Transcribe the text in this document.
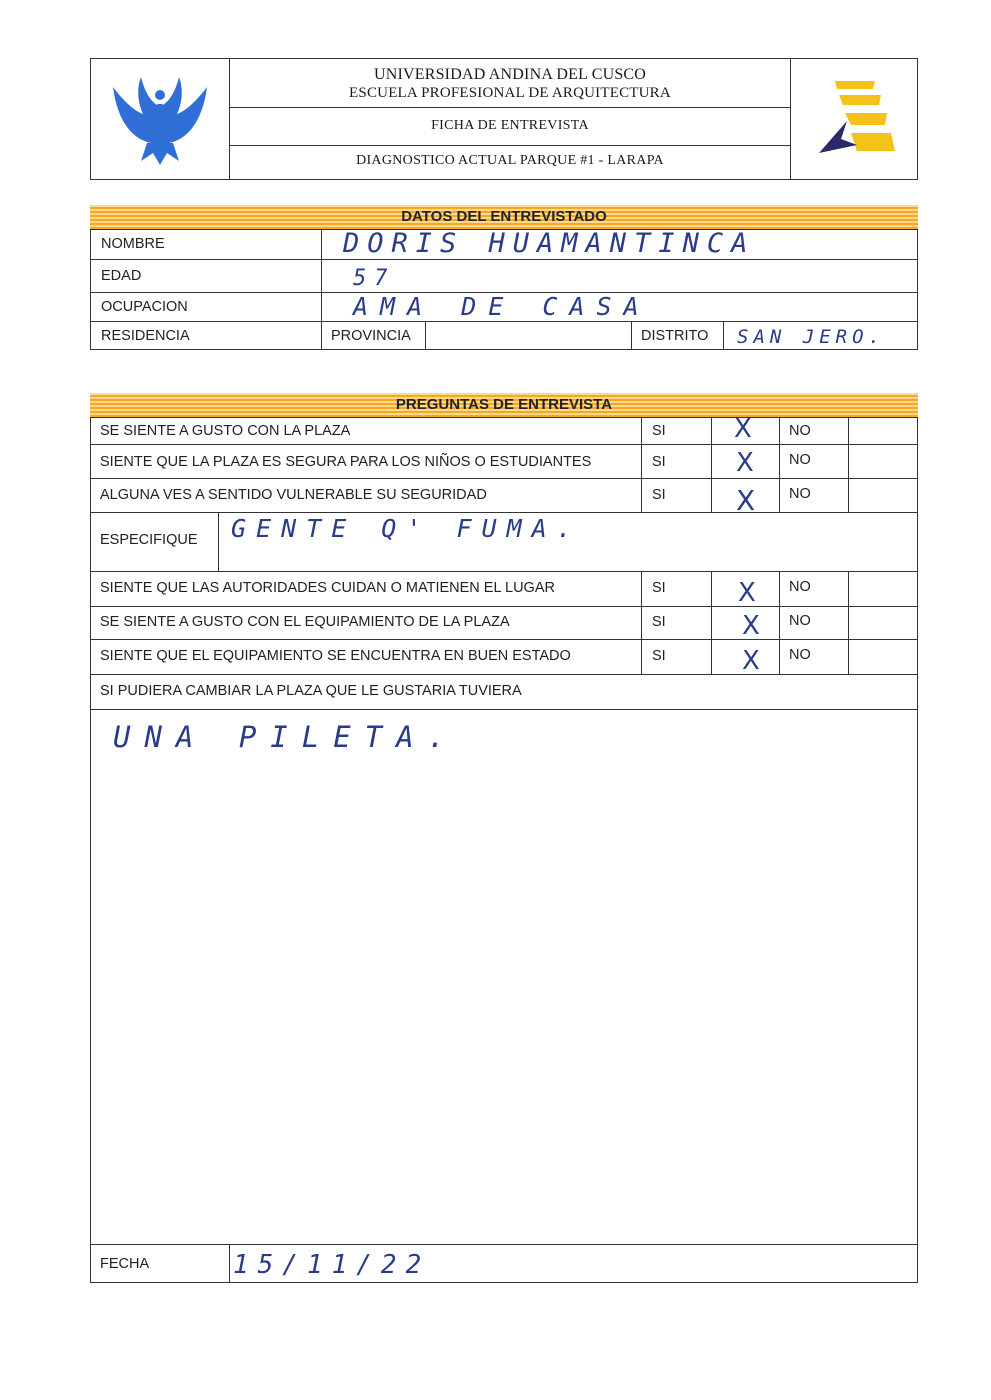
UNIVERSIDAD ANDINA DEL CUSCO
ESCUELA PROFESIONAL DE ARQUITECTURA
FICHA DE ENTREVISTA
DIAGNOSTICO ACTUAL PARQUE #1 - LARAPA
DATOS DEL ENTREVISTADO
NOMBRE	DORIS HUAMANTINCA
EDAD	57
OCUPACION	AMA DE CASA
RESIDENCIA	PROVINCIA	DISTRITO SAN JERO.
PREGUNTAS DE ENTREVISTA
SE SIENTE A GUSTO CON LA PLAZA	SI	X	NO
SIENTE QUE LA PLAZA ES SEGURA PARA LOS NIÑOS O ESTUDIANTES	SI	X NO
ALGUNA VES A SENTIDO VULNERABLE SU SEGURIDAD	SI	X NO
ESPECIFIQUE GENTE Q' FUMA.
SIENTE QUE LAS AUTORIDADES CUIDAN O MATIENEN EL LUGAR	SI	X NO
SE SIENTE A GUSTO CON EL EQUIPAMIENTO DE LA PLAZA	SI	X NO
SIENTE QUE EL EQUIPAMIENTO SE ENCUENTRA EN BUEN ESTADO	SI	X NO
SI PUDIERA CAMBIAR LA PLAZA QUE LE GUSTARIA TUVIERA
UNA PILETA.
FECHA	15/11/22
